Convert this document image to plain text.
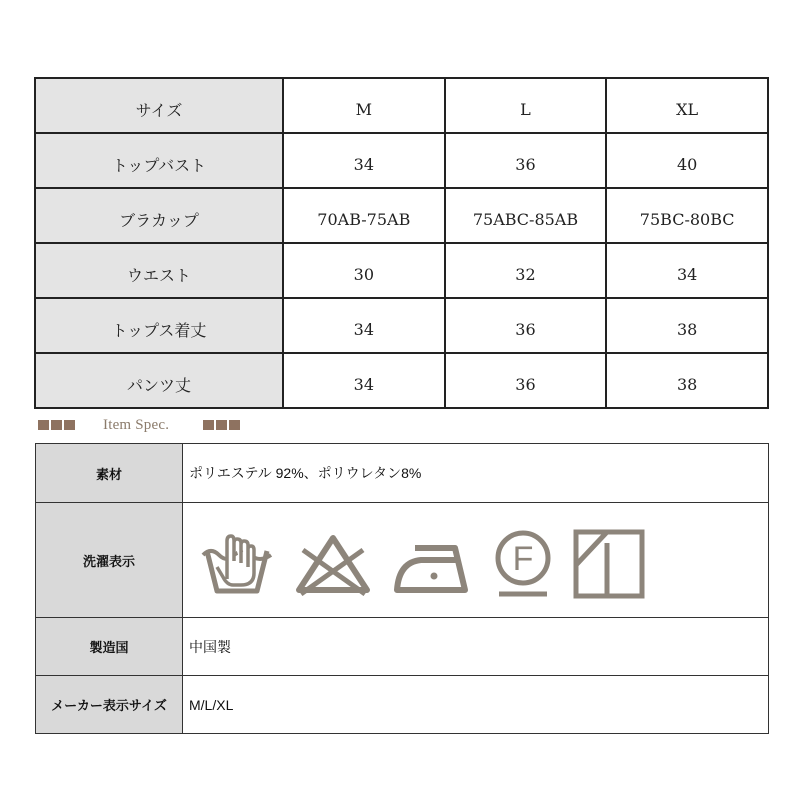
サイズ	M	L	XL
トップバスト	34	36	40
ブラカップ	70AB-75AB	75ABC-85AB	75BC-80BC
ウエスト	30	32	34
トップス着丈	34	36	38
パンツ丈	34	36	38
Item Spec.
素材	ポリエステル 92%、ポリウレタン8%
洗濯表示	F

製造国	中国製
メーカー表示サイズ	M/L/XL
